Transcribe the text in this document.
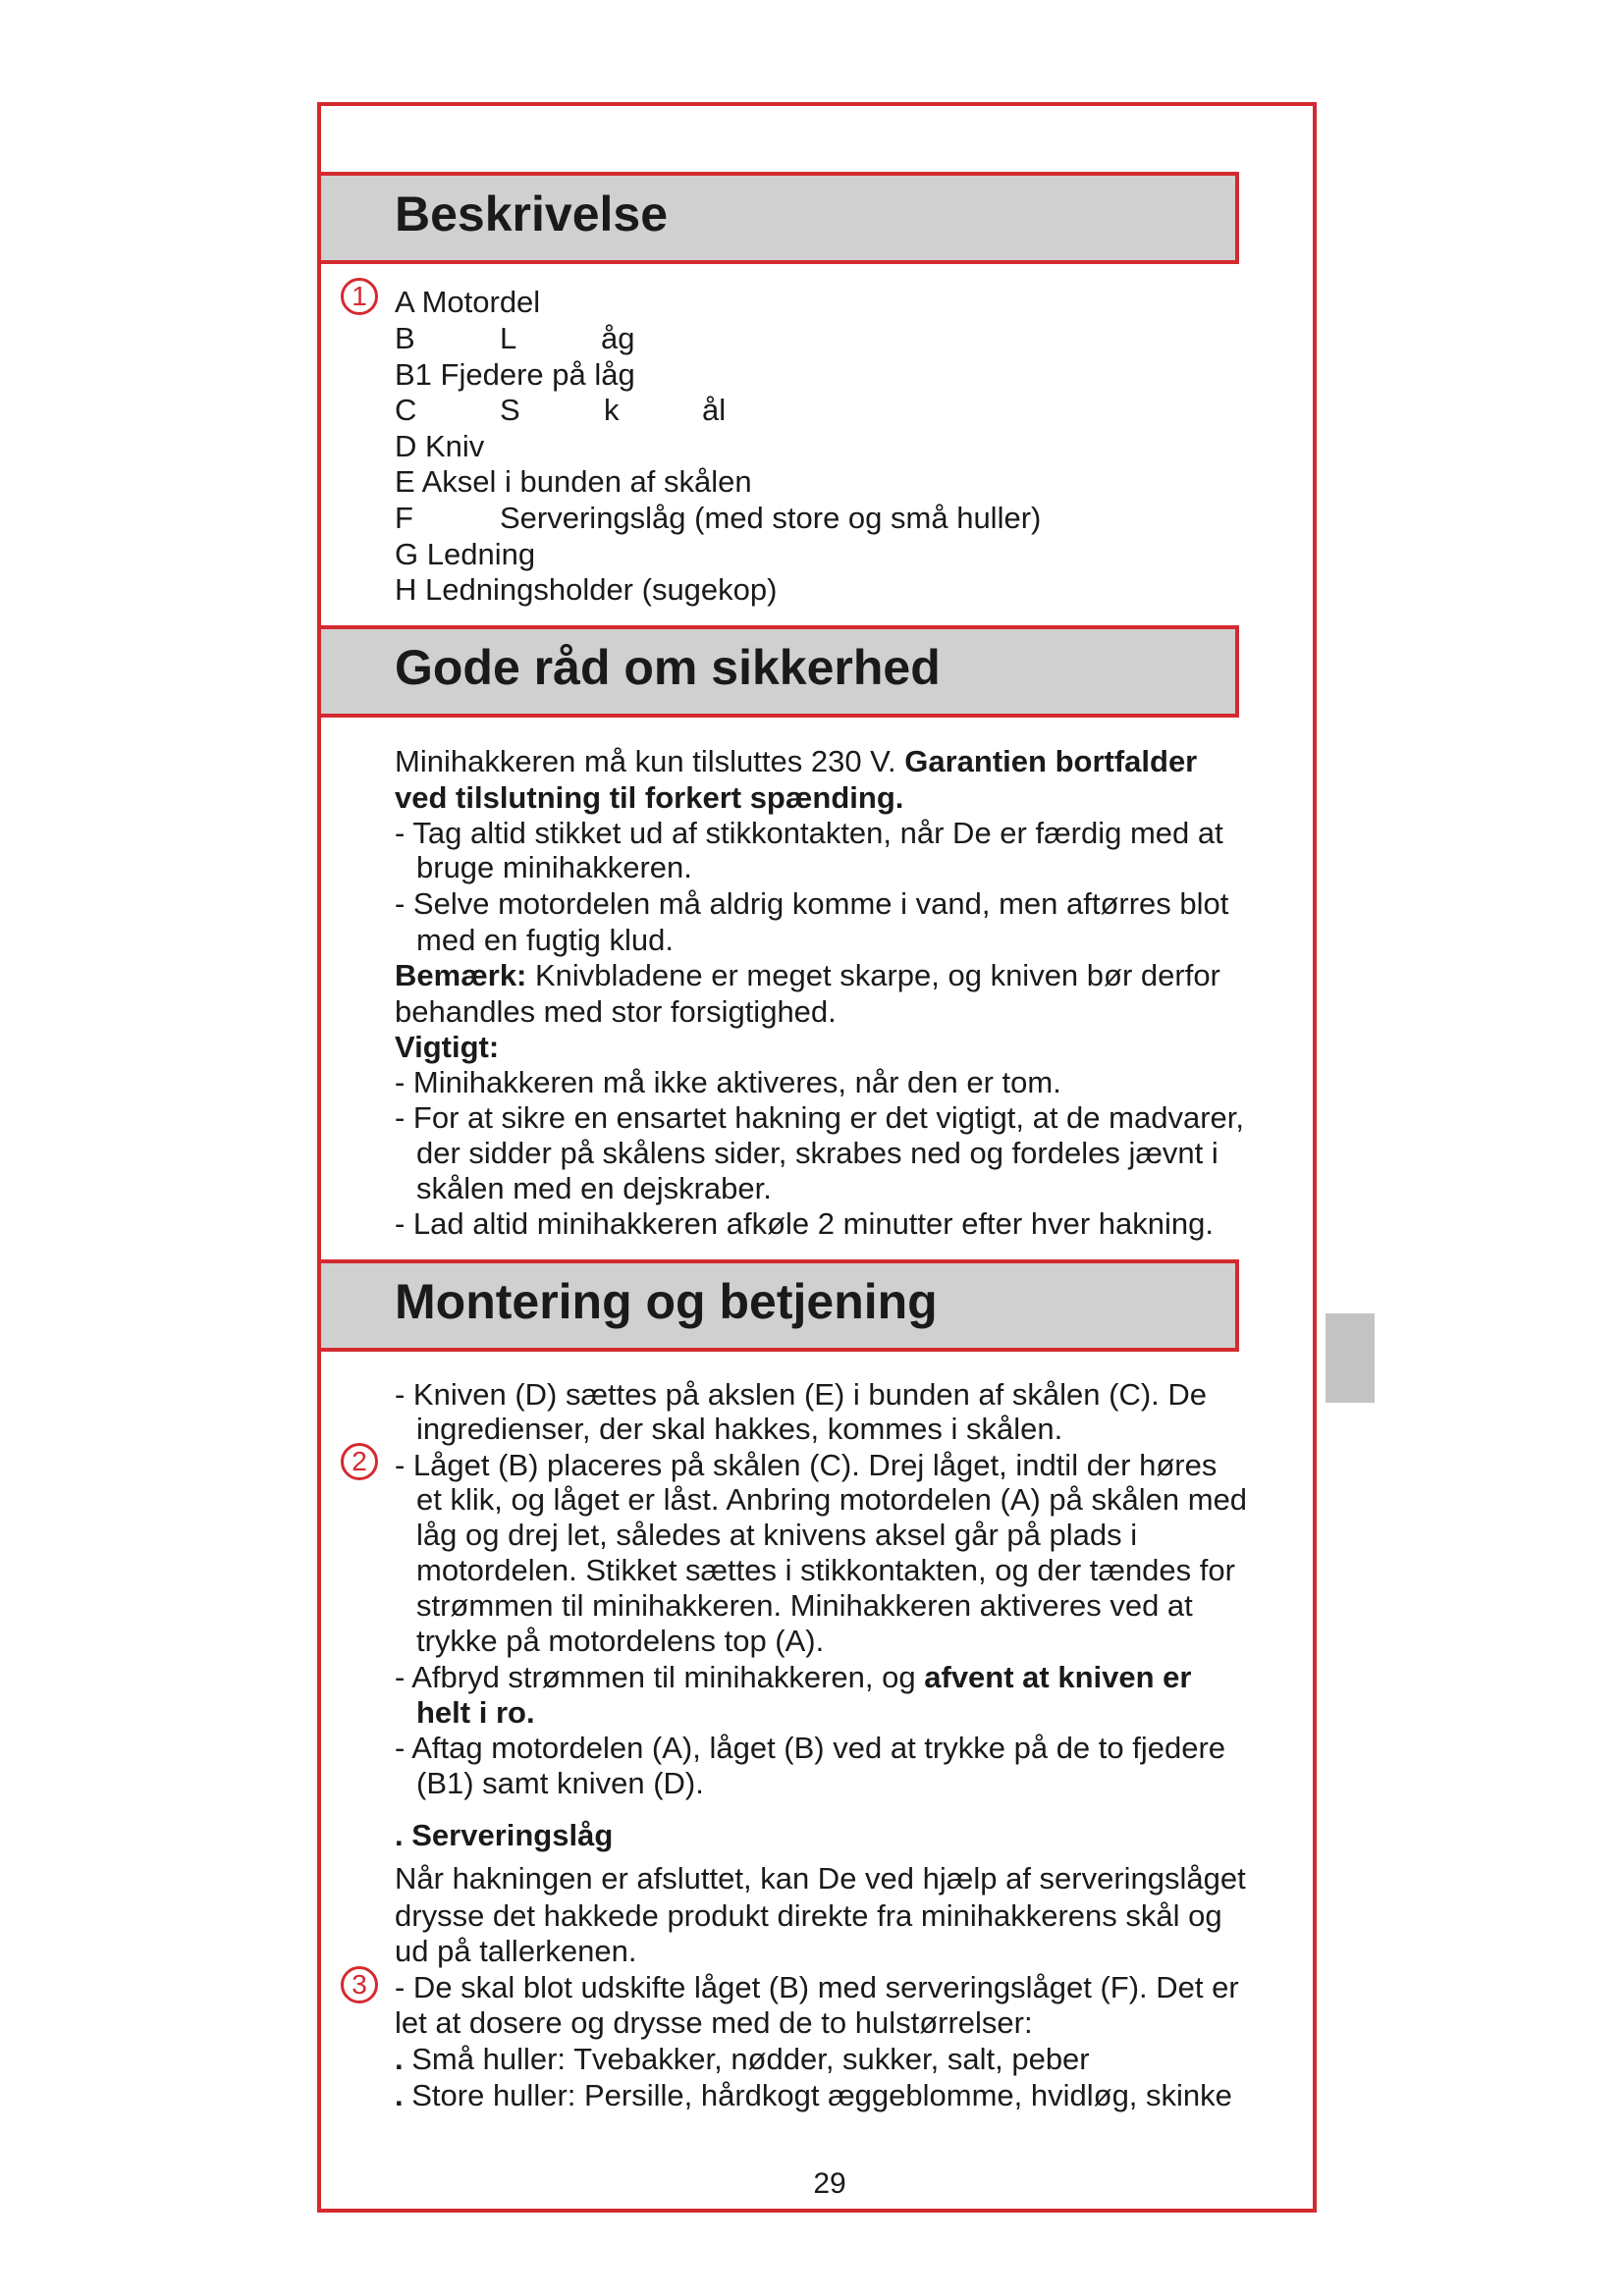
Beskrivelse
1 A Motordel
B	L	åg
B1 Fjedere på låg
C	S	k	ål
D Kniv
E Aksel i bunden af skålen
F	Serveringslåg (med store og små huller)
G Ledning
H Ledningsholder (sugekop)
Gode råd om sikkerhed
Minihakkeren må kun tilsluttes 230 V. Garantien bortfalder
ved tilslutning til forkert spænding.
- Tag altid stikket ud af stikkontakten, når De er færdig med at
bruge minihakkeren.
- Selve motordelen må aldrig komme i vand, men aftørres blot
med en fugtig klud.
Bemærk: Knivbladene er meget skarpe, og kniven bør derfor
behandles med stor forsigtighed.
Vigtigt:
- Minihakkeren må ikke aktiveres, når den er tom.
- For at sikre en ensartet hakning er det vigtigt, at de madvarer,
der sidder på skålens sider, skrabes ned og fordeles jævnt i
skålen med en dejskraber.
- Lad altid minihakkeren afkøle 2 minutter efter hver hakning.
Montering og betjening
- Kniven (D) sættes på akslen (E) i bunden af skålen (C). De
ingredienser, der skal hakkes, kommes i skålen.
2 - Låget (B) placeres på skålen (C). Drej låget, indtil der høres
et klik, og låget er låst. Anbring motordelen (A) på skålen med
låg og drej let, således at knivens aksel går på plads i
motordelen. Stikket sættes i stikkontakten, og der tændes for
strømmen til minihakkeren. Minihakkeren aktiveres ved at
trykke på motordelens top (A).
- Afbryd strømmen til minihakkeren, og afvent at kniven er
helt i ro.
- Aftag motordelen (A), låget (B) ved at trykke på de to fjedere
(B1) samt kniven (D).
. Serveringslåg
Når hakningen er afsluttet, kan De ved hjælp af serveringslåget
drysse det hakkede produkt direkte fra minihakkerens skål og
ud på tallerkenen.
3 - De skal blot udskifte låget (B) med serveringslåget (F). Det er
let at dosere og drysse med de to hulstørrelser:
. Små huller: Tvebakker, nødder, sukker, salt, peber
. Store huller: Persille, hårdkogt æggeblomme, hvidløg, skinke
29
